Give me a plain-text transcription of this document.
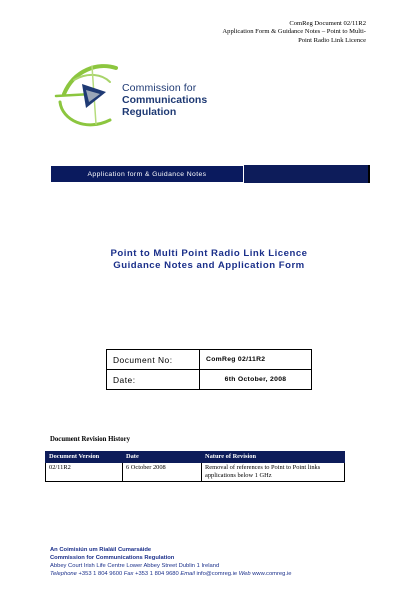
ComReg Document 02/11R2
Application Form & Guidance Notes – Point to Multi-
Point Radio Link Licence
Commission for
Communications Regulation
Application form & Guidance Notes
Point to Multi Point Radio Link Licence
Guidance Notes and Application Form
Document No:	ComReg 02/11R2
Date:	6th October, 2008
Document Revision History
Document Version	Date	Nature of Revision
02/11R2	6 October 2008	Removal of references to Point to Point links applications below 1 GHz
An Coimisiún um Rialáil Cumarsáide
Commission for Communications Regulation
Abbey Court Irish Life Centre Lower Abbey Street Dublin 1 Ireland
Telephone +353 1 804 9600 Fax +353 1 804 9680 Email info@comreg.ie Web www.comreg.ie
